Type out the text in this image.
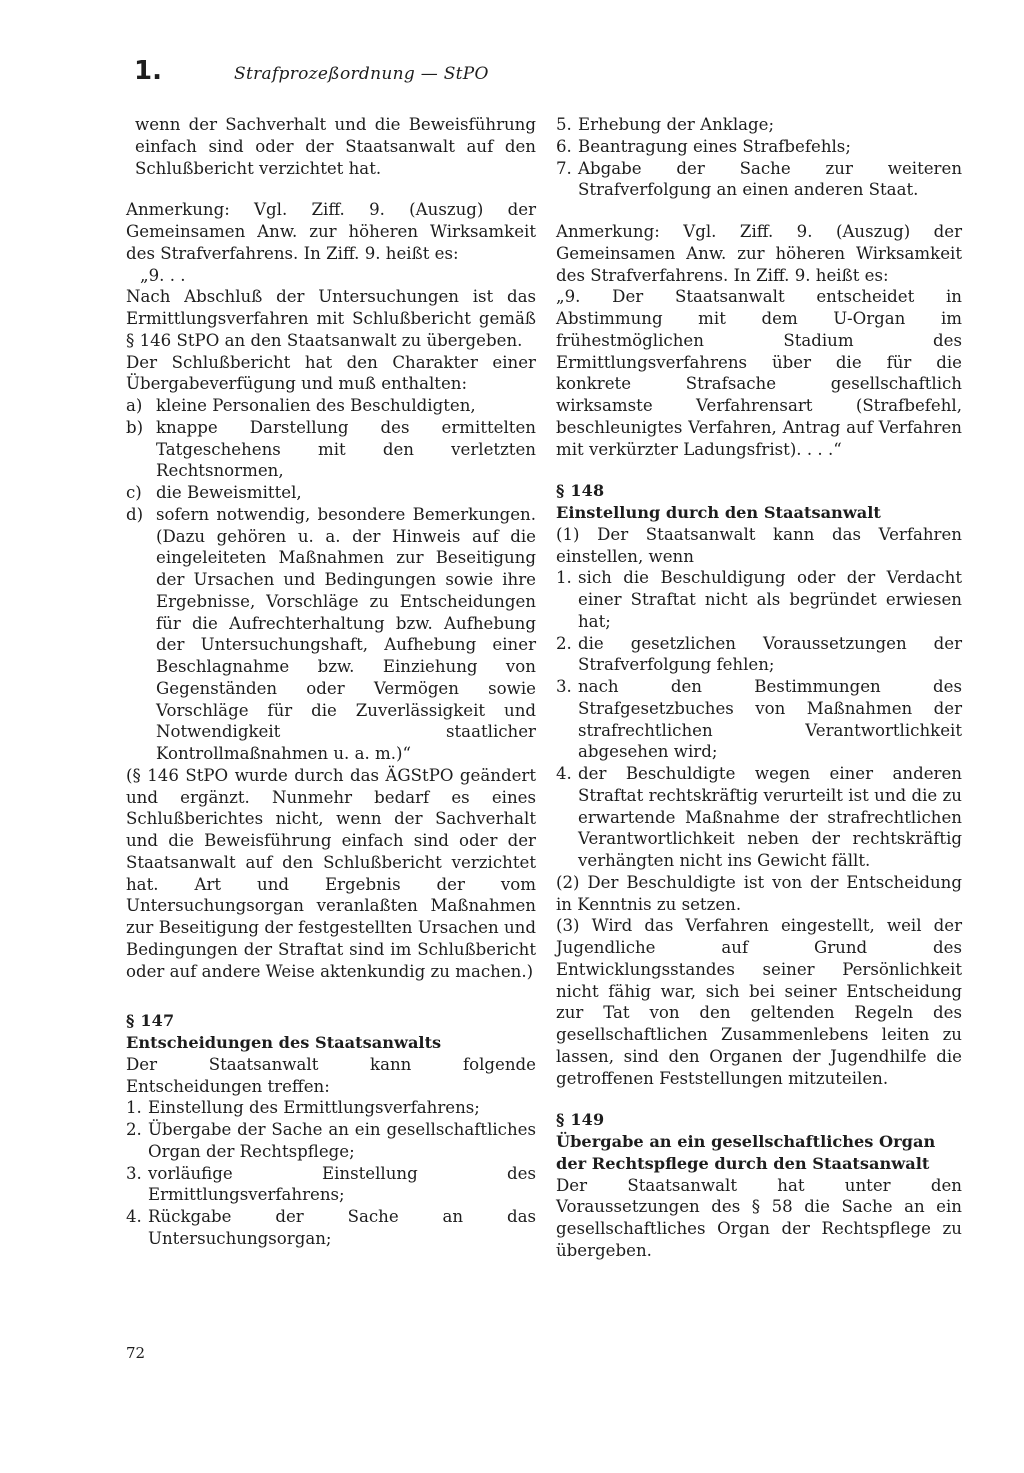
1.	Strafprozeßordnung — StPO

wenn der Sachverhalt und die Beweisführung einfach sind oder der Staatsanwalt auf den Schlußbericht verzichtet hat.

Anmerkung: Vgl. Ziff. 9. (Auszug) der Gemeinsamen Anw. zur höheren Wirksamkeit des Strafverfahrens. In Ziff. 9. heißt es:

„9. . .

Nach Abschluß der Untersuchungen ist das Ermittlungsverfahren mit Schlußbericht gemäß § 146 StPO an den Staatsanwalt zu übergeben.

Der Schlußbericht hat den Charakter einer Übergabeverfügung und muß enthalten:

a) kleine Personalien des Beschuldigten,
b) knappe Darstellung des ermittelten Tatgeschehens mit den verletzten Rechtsnormen,
c) die Beweismittel,
d) sofern notwendig, besondere Bemerkungen. (Dazu gehören u. a. der Hinweis auf die eingeleiteten Maßnahmen zur Beseitigung der Ursachen und Bedingungen sowie ihre Ergebnisse, Vorschläge zu Entscheidungen für die Aufrechterhaltung bzw. Aufhebung der Untersuchungshaft, Aufhebung einer Beschlagnahme bzw. Einziehung von Gegenständen oder Vermögen sowie Vorschläge für die Zuverlässigkeit und Notwendigkeit staatlicher Kontrollmaßnahmen u. a. m.)“

(§ 146 StPO wurde durch das ÄGStPO geändert und ergänzt. Nunmehr bedarf es eines Schlußberichtes nicht, wenn der Sachverhalt und die Beweisführung einfach sind oder der Staatsanwalt auf den Schlußbericht verzichtet hat. Art und Ergebnis der vom Untersuchungsorgan veranlaßten Maßnahmen zur Beseitigung der festgestellten Ursachen und Bedingungen der Straftat sind im Schlußbericht oder auf andere Weise aktenkundig zu machen.)

§ 147

Entscheidungen des Staatsanwalts

Der Staatsanwalt kann folgende Entscheidungen treffen:

1. Einstellung des Ermittlungsverfahrens;
2. Übergabe der Sache an ein gesellschaftliches Organ der Rechtspflege;
3. vorläufige Einstellung des Ermittlungsverfahrens;
4. Rückgabe der Sache an das Untersuchungsorgan;
5. Erhebung der Anklage;
6. Beantragung eines Strafbefehls;
7. Abgabe der Sache zur weiteren Strafverfolgung an einen anderen Staat.

Anmerkung: Vgl. Ziff. 9. (Auszug) der Gemeinsamen Anw. zur höheren Wirksamkeit des Strafverfahrens. In Ziff. 9. heißt es:

„9. Der Staatsanwalt entscheidet in Abstimmung mit dem U-Organ im frühestmöglichen Stadium des Ermittlungsverfahrens über die für die konkrete Strafsache gesellschaftlich wirksamste Verfahrensart (Strafbefehl, beschleunigtes Verfahren, Antrag auf Verfahren mit verkürzter Ladungsfrist). . . .“

§ 148

Einstellung durch den Staatsanwalt

(1) Der Staatsanwalt kann das Verfahren einstellen, wenn

1. sich die Beschuldigung oder der Verdacht einer Straftat nicht als begründet erwiesen hat;
2. die gesetzlichen Voraussetzungen der Strafverfolgung fehlen;
3. nach den Bestimmungen des Strafgesetzbuches von Maßnahmen der strafrechtlichen Verantwortlichkeit abgesehen wird;
4. der Beschuldigte wegen einer anderen Straftat rechtskräftig verurteilt ist und die zu erwartende Maßnahme der strafrechtlichen Verantwortlichkeit neben der rechtskräftig verhängten nicht ins Gewicht fällt.

(2) Der Beschuldigte ist von der Entscheidung in Kenntnis zu setzen.

(3) Wird das Verfahren eingestellt, weil der Jugendliche auf Grund des Entwicklungsstandes seiner Persönlichkeit nicht fähig war, sich bei seiner Entscheidung zur Tat von den geltenden Regeln des gesellschaftlichen Zusammenlebens leiten zu lassen, sind den Organen der Jugendhilfe die getroffenen Feststellungen mitzuteilen.

§ 149

Übergabe an ein gesellschaftliches Organ der Rechtspflege durch den Staatsanwalt

Der Staatsanwalt hat unter den Voraussetzungen des § 58 die Sache an ein gesellschaftliches Organ der Rechtspflege zu übergeben.

72
